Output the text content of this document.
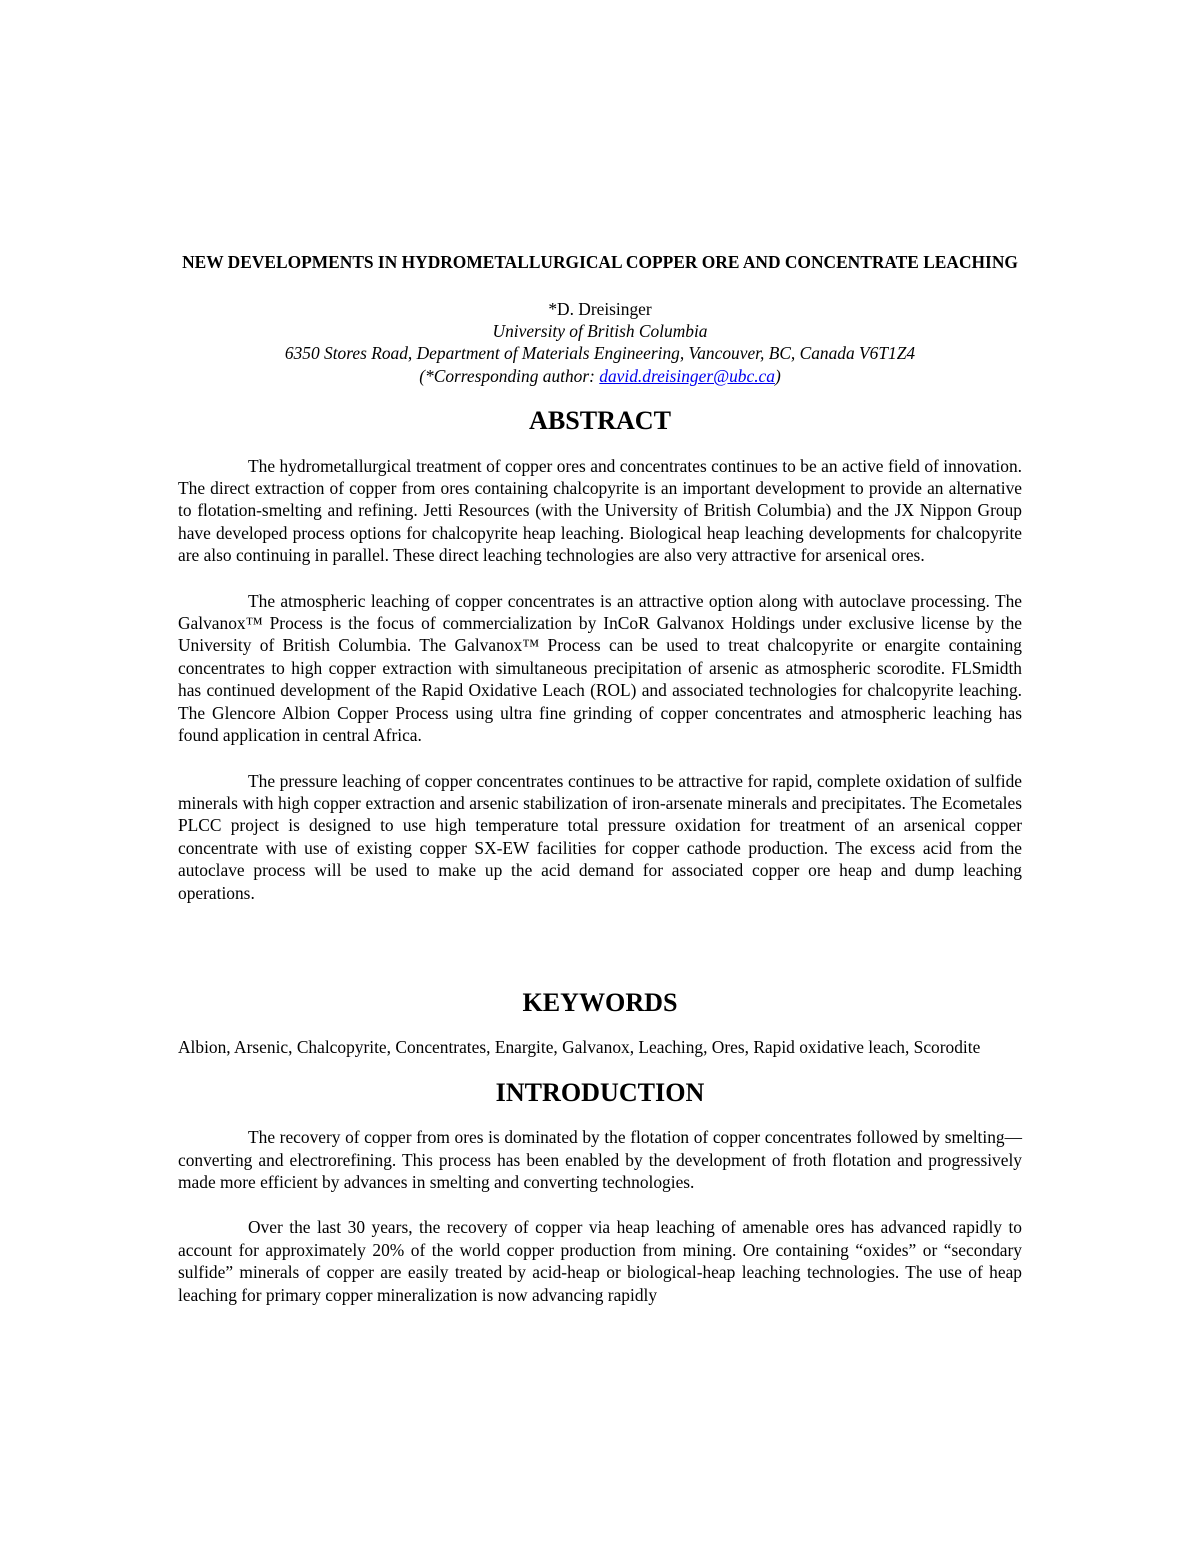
NEW DEVELOPMENTS IN HYDROMETALLURGICAL COPPER ORE AND CONCENTRATE LEACHING
*D. Dreisinger
University of British Columbia
6350 Stores Road, Department of Materials Engineering, Vancouver, BC, Canada V6T1Z4
(*Corresponding author: david.dreisinger@ubc.ca)
ABSTRACT

The hydrometallurgical treatment of copper ores and concentrates continues to be an active field of innovation. The direct extraction of copper from ores containing chalcopyrite is an important development to provide an alternative to flotation-smelting and refining. Jetti Resources (with the University of British Columbia) and the JX Nippon Group have developed process options for chalcopyrite heap leaching. Biological heap leaching developments for chalcopyrite are also continuing in parallel. These direct leaching technologies are also very attractive for arsenical ores.

The atmospheric leaching of copper concentrates is an attractive option along with autoclave processing. The Galvanox™ Process is the focus of commercialization by InCoR Galvanox Holdings under exclusive license by the University of British Columbia. The Galvanox™ Process can be used to treat chalcopyrite or enargite containing concentrates to high copper extraction with simultaneous precipitation of arsenic as atmospheric scorodite. FLSmidth has continued development of the Rapid Oxidative Leach (ROL) and associated technologies for chalcopyrite leaching. The Glencore Albion Copper Process using ultra fine grinding of copper concentrates and atmospheric leaching has found application in central Africa.

The pressure leaching of copper concentrates continues to be attractive for rapid, complete oxidation of sulfide minerals with high copper extraction and arsenic stabilization of iron-arsenate minerals and precipitates. The Ecometales PLCC project is designed to use high temperature total pressure oxidation for treatment of an arsenical copper concentrate with use of existing copper SX-EW facilities for copper cathode production. The excess acid from the autoclave process will be used to make up the acid demand for associated copper ore heap and dump leaching operations.

KEYWORDS

Albion, Arsenic, Chalcopyrite, Concentrates, Enargite, Galvanox, Leaching, Ores, Rapid oxidative leach, Scorodite

INTRODUCTION

The recovery of copper from ores is dominated by the flotation of copper concentrates followed by smelting—converting and electrorefining. This process has been enabled by the development of froth flotation and progressively made more efficient by advances in smelting and converting technologies.

Over the last 30 years, the recovery of copper via heap leaching of amenable ores has advanced rapidly to account for approximately 20% of the world copper production from mining. Ore containing “oxides” or “secondary sulfide” minerals of copper are easily treated by acid-heap or biological-heap leaching technologies. The use of heap leaching for primary copper mineralization is now advancing rapidly
